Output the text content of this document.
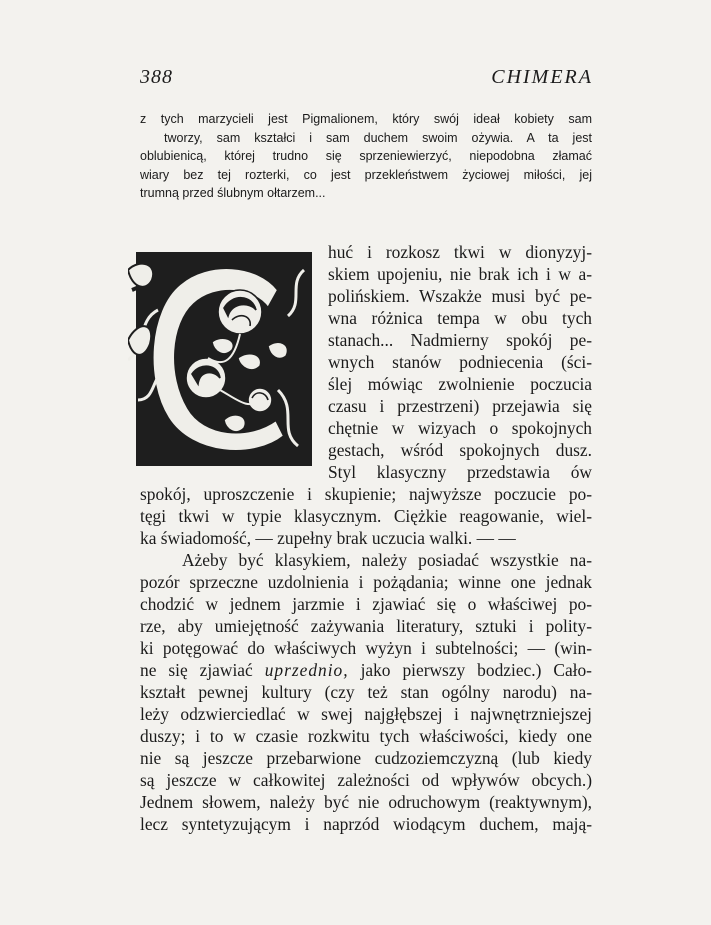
388	CHIMERA
z tych marzycieli jest Pigmalionem, który swój ideał kobiety sam
tworzy, sam kształci i sam duchem swoim ożywia. A ta jest
oblubienicą, której trudno się sprzeniewierzyć, niepodobna złamać
wiary bez tej rozterki, co jest przekleństwem życiowej miłości, jej
trumną przed ślubnym ołtarzem...
huć i rozkosz tkwi w dionyzyj-
skiem upojeniu, nie brak ich i w a-
polińskiem. Wszakże musi być pe-
wna różnica tempa w obu tych
stanach... Nadmierny spokój pe-
wnych stanów podniecenia (ści-
ślej mówiąc zwolnienie poczucia
czasu i przestrzeni) przejawia się
chętnie w wizyach o spokojnych
gestach, wśród spokojnych dusz.
Styl klasyczny przedstawia ów
spokój, uproszczenie i skupienie; najwyższe poczucie po-
tęgi tkwi w typie klasycznym. Ciężkie reagowanie, wiel-
ka świadomość, — zupełny brak uczucia walki. — —
Ażeby być klasykiem, należy posiadać wszystkie na-
pozór sprzeczne uzdolnienia i pożądania; winne one jednak
chodzić w jednem jarzmie i zjawiać się o właściwej po-
rze, aby umiejętność zażywania literatury, sztuki i polity-
ki potęgować do właściwych wyżyn i subtelności; — (win-
ne się zjawiać uprzednio, jako pierwszy bodziec.) Cało-
kształt pewnej kultury (czy też stan ogólny narodu) na-
leży odzwierciedlać w swej najgłębszej i najwnętrzniejszej
duszy; i to w czasie rozkwitu tych właściwości, kiedy one
nie są jeszcze przebarwione cudzoziemczyzną (lub kiedy
są jeszcze w całkowitej zależności od wpływów obcych.)
Jednem słowem, należy być nie odruchowym (reaktywnym),
lecz syntetyzującym i naprzód wiodącym duchem, mają-
